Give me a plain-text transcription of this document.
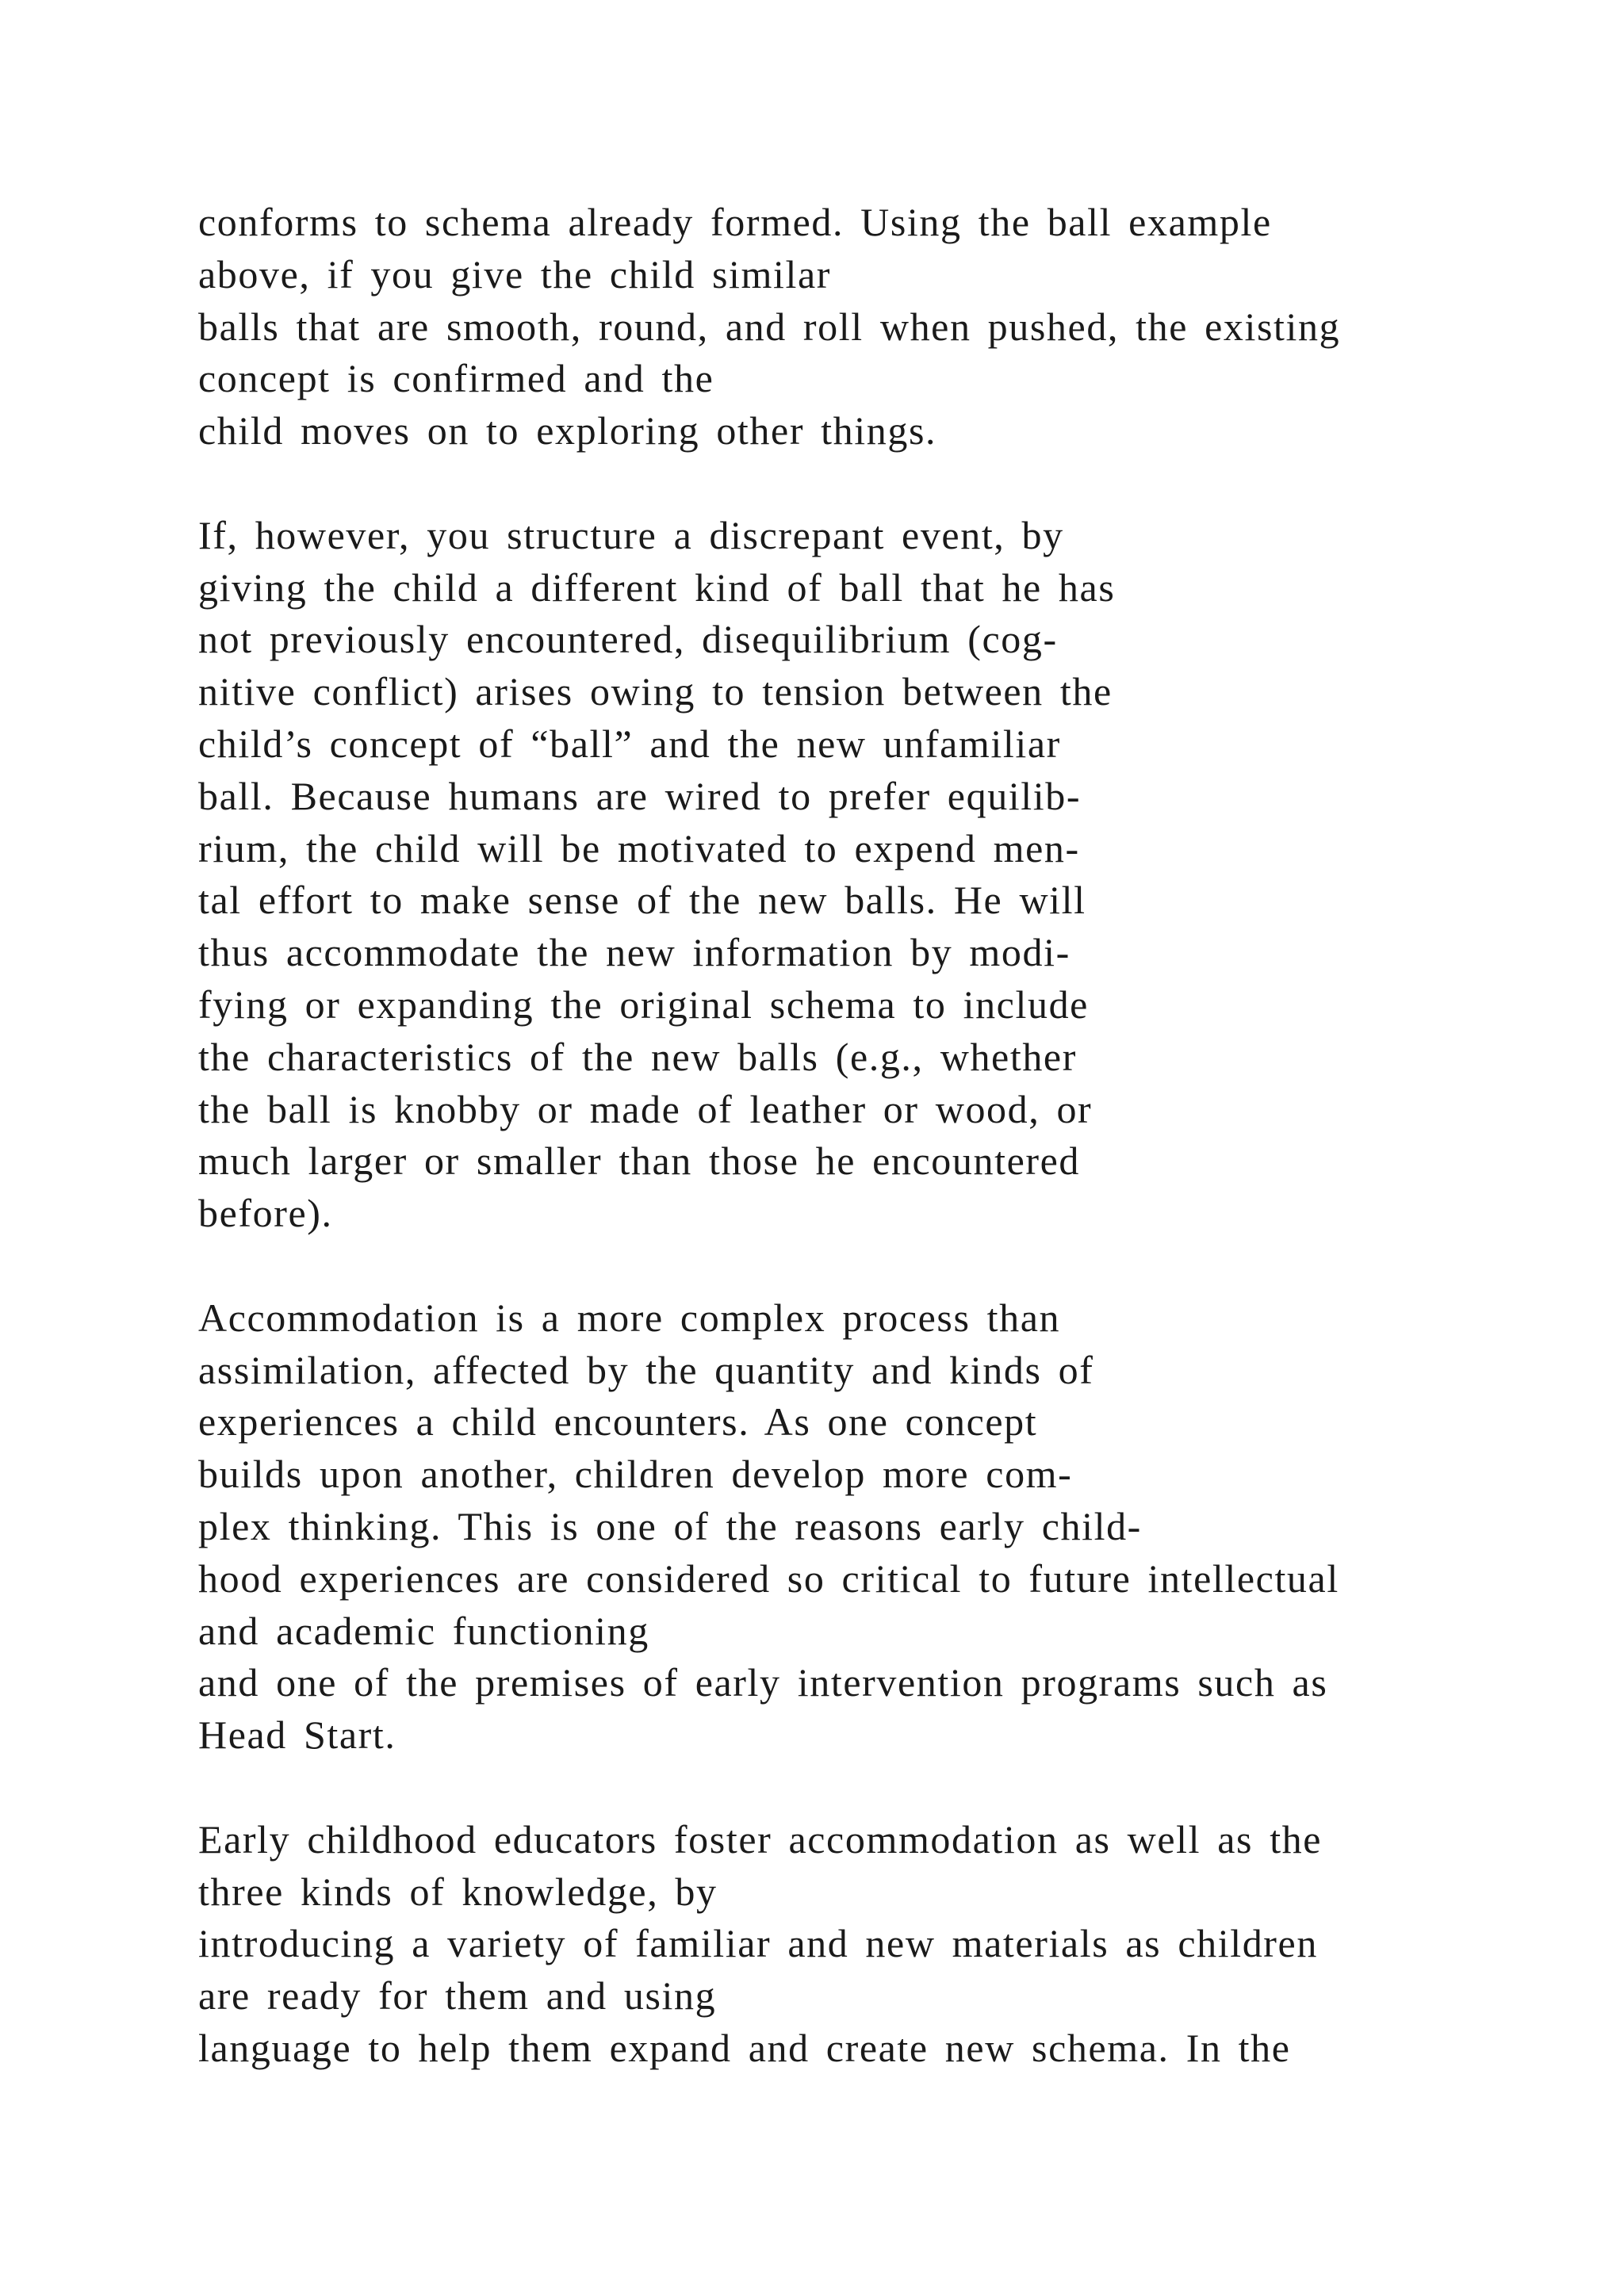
conforms to schema already formed. Using the ball example
above, if you give the child similar
balls that are smooth, round, and roll when pushed, the existing
concept is confirmed and the
child moves on to exploring other things.
If, however, you structure a discrepant event, by
giving the child a different kind of ball that he has
not previously encountered, disequilibrium (cog-
nitive conflict) arises owing to tension between the
child’s concept of “ball” and the new unfamiliar
ball. Because humans are wired to prefer equilib-
rium, the child will be motivated to expend men-
tal effort to make sense of the new balls. He will
thus accommodate the new information by modi-
fying or expanding the original schema to include
the characteristics of the new balls (e.g., whether
the ball is knobby or made of leather or wood, or
much larger or smaller than those he encountered
before).
Accommodation is a more complex process than
assimilation, affected by the quantity and kinds of
experiences a child encounters. As one concept
builds upon another, children develop more com-
plex thinking. This is one of the reasons early child-
hood experiences are considered so critical to future intellectual
and academic functioning
and one of the premises of early intervention programs such as
Head Start.
Early childhood educators foster accommodation as well as the
three kinds of knowledge, by
introducing a variety of familiar and new materials as children
are ready for them and using
language to help them expand and create new schema. In the
